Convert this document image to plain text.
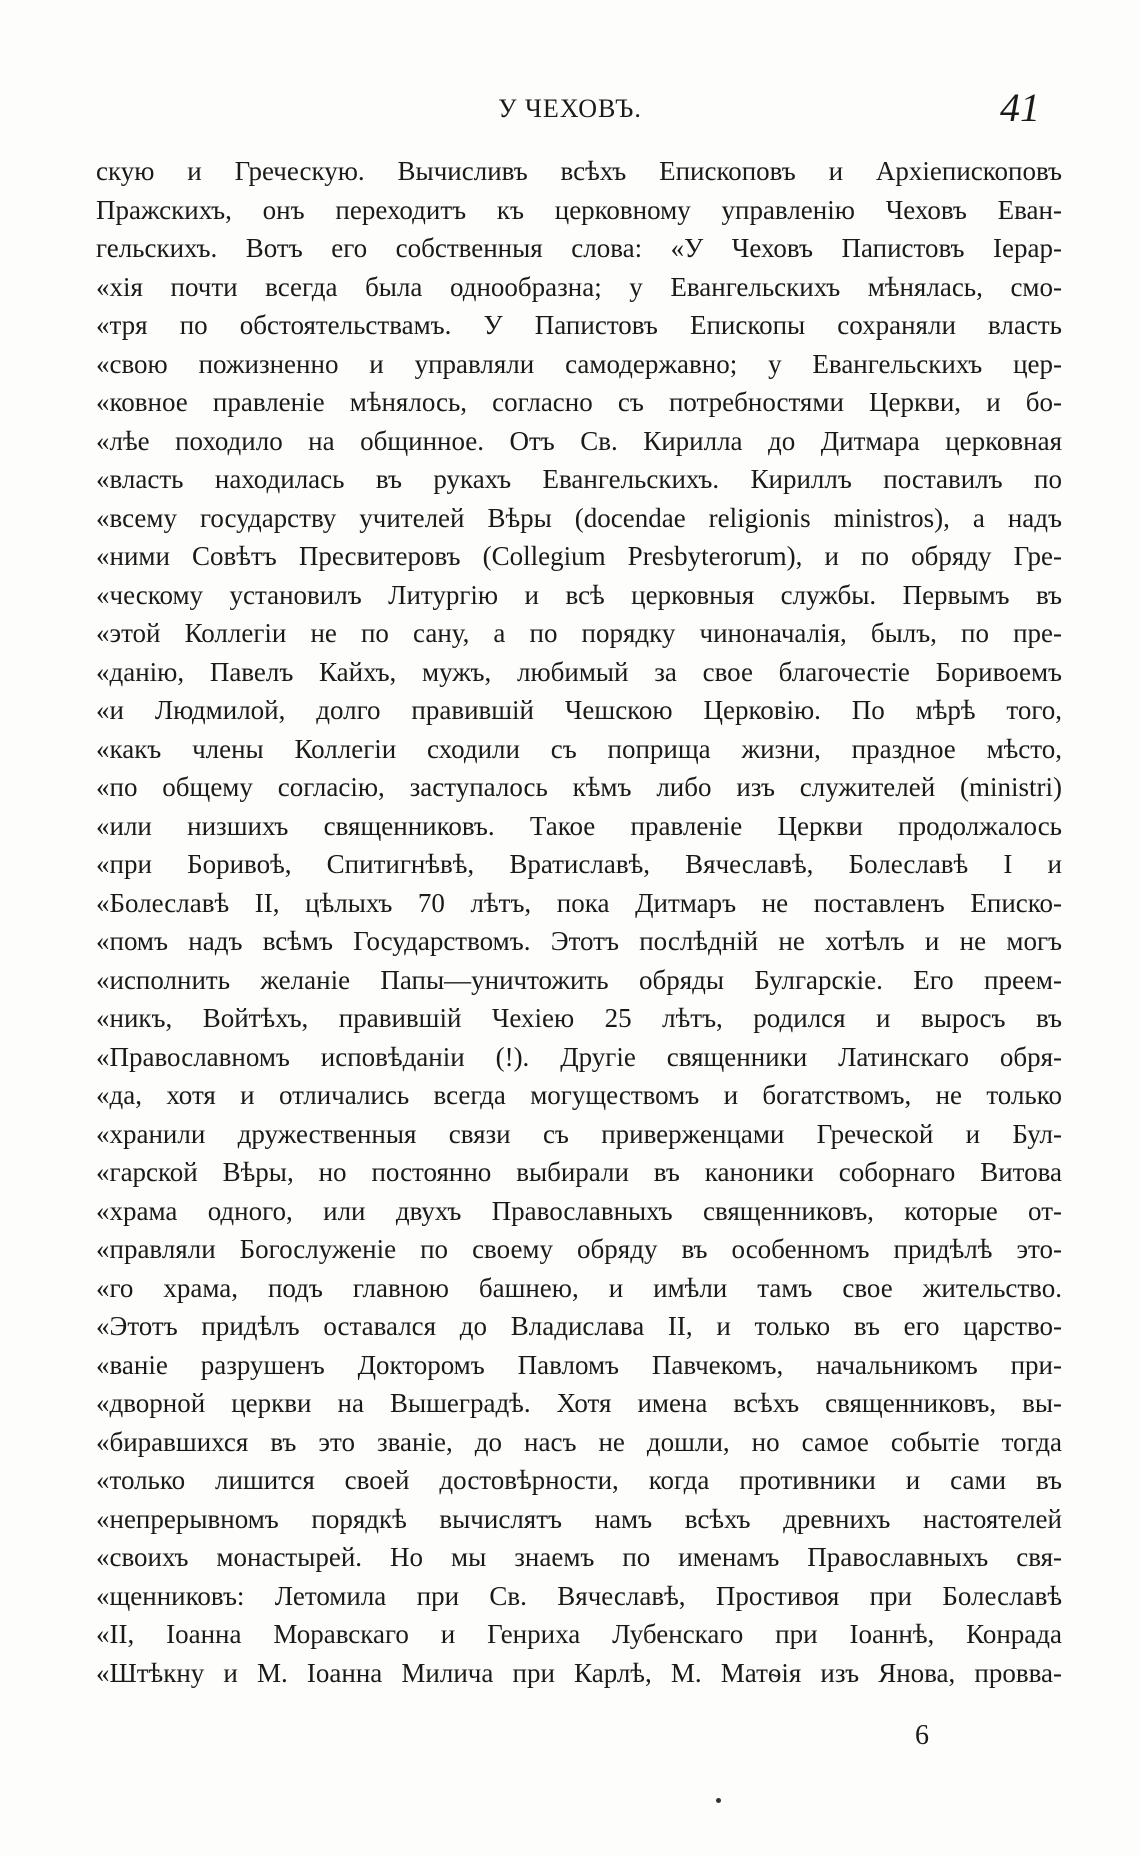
У ЧЕХОВЪ.	41
скую и Греческую. Вычисливъ всѣхъ Епископовъ и Архіепископовъ
Пражскихъ, онъ переходитъ къ церковному управленію Чеховъ Еван-
гельскихъ. Вотъ его собственныя слова: «У Чеховъ Папистовъ Іерар-
«хія почти всегда была однообразна; у Евангельскихъ мѣнялась, смо-
«тря по обстоятельствамъ. У Папистовъ Епископы сохраняли власть
«свою пожизненно и управляли самодержавно; у Евангельскихъ цер-
«ковное правленіе мѣнялось, согласно съ потребностями Церкви, и бо-
«лѣе походило на общинное. Отъ Св. Кирилла до Дитмара церковная
«власть находилась въ рукахъ Евангельскихъ. Кириллъ поставилъ по
«всему государству учителей Вѣры (docendae religionis ministros), а надъ
«ними Совѣтъ Пресвитеровъ (Collegium Presbyterorum), и по обряду Гре-
«ческому установилъ Литургію и всѣ церковныя службы. Первымъ въ
«этой Коллегіи не по сану, а по порядку чиноначалія, былъ, по пре-
«данію, Павелъ Кайхъ, мужъ, любимый за свое благочестіе Боривоемъ
«и Людмилой, долго правившій Чешскою Церковію. По мѣрѣ того,
«какъ члены Коллегіи сходили съ поприща жизни, праздное мѣсто,
«по общему согласію, заступалось кѣмъ либо изъ служителей (ministri)
«или низшихъ священниковъ. Такое правленіе Церкви продолжалось
«при Боривоѣ, Спитигнѣвѣ, Вратиславѣ, Вячеславѣ, Болеславѣ I и
«Болеславѣ II, цѣлыхъ 70 лѣтъ, пока Дитмаръ не поставленъ Еписко-
«помъ надъ всѣмъ Государствомъ. Этотъ послѣдній не хотѣлъ и не могъ
«исполнить желаніе Папы—уничтожить обряды Булгарскіе. Его преем-
«никъ, Войтѣхъ, правившій Чехіею 25 лѣтъ, родился и выросъ въ
«Православномъ исповѣданіи (!). Другіе священники Латинскаго обря-
«да, хотя и отличались всегда могуществомъ и богатствомъ, не только
«хранили дружественныя связи съ приверженцами Греческой и Бул-
«гарской Вѣры, но постоянно выбирали въ каноники соборнаго Витова
«храма одного, или двухъ Православныхъ священниковъ, которые от-
«правляли Богослуженіе по своему обряду въ особенномъ придѣлѣ это-
«го храма, подъ главною башнею, и имѣли тамъ свое жительство.
«Этотъ придѣлъ оставался до Владислава II, и только въ его царство-
«ваніе разрушенъ Докторомъ Павломъ Павчекомъ, начальникомъ при-
«дворной церкви на Вышеградѣ. Хотя имена всѣхъ священниковъ, вы-
«биравшихся въ это званіе, до насъ не дошли, но самое событіе тогда
«только лишится своей достовѣрности, когда противники и сами въ
«непрерывномъ порядкѣ вычислятъ намъ всѣхъ древнихъ настоятелей
«своихъ монастырей. Но мы знаемъ по именамъ Православныхъ свя-
«щенниковъ: Летомила при Св. Вячеславѣ, Простивоя при Болеславѣ
«II, Іоанна Моравскаго и Генриха Лубенскаго при Іоаннѣ, Конрада
«Штѣкну и М. Іоанна Милича при Карлѣ, М. Матѳія изъ Янова, провва-
6
